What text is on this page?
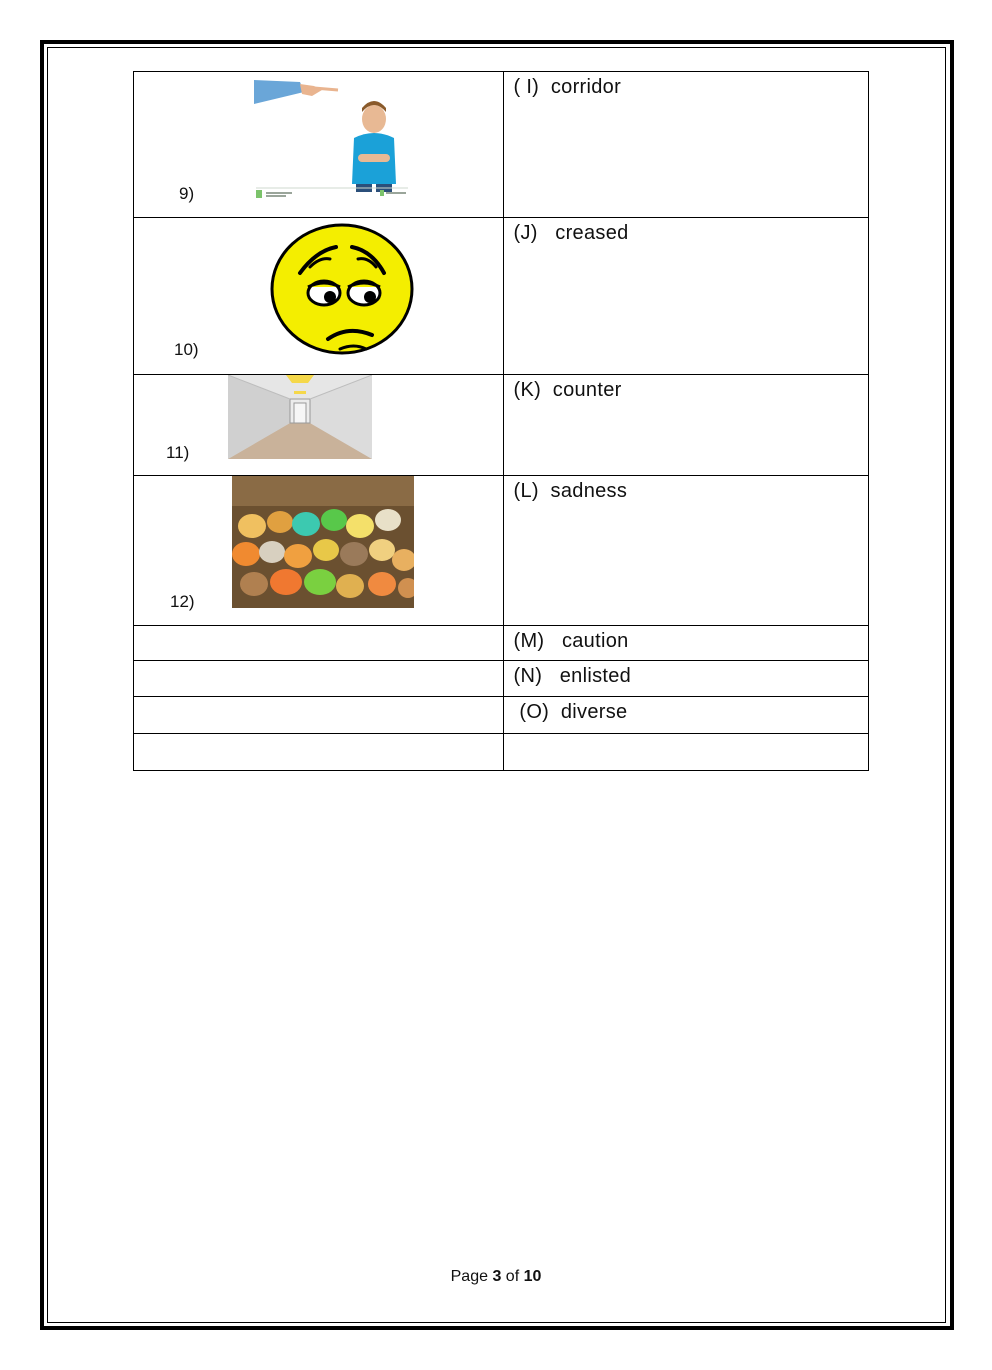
9)	( I)  corridor

10)	(J)   creased

11)	(K)  counter

12)	(L)  sadness

	(M)   caution

	(N)   enlisted

	(O)  diverse

Page 3 of 10
